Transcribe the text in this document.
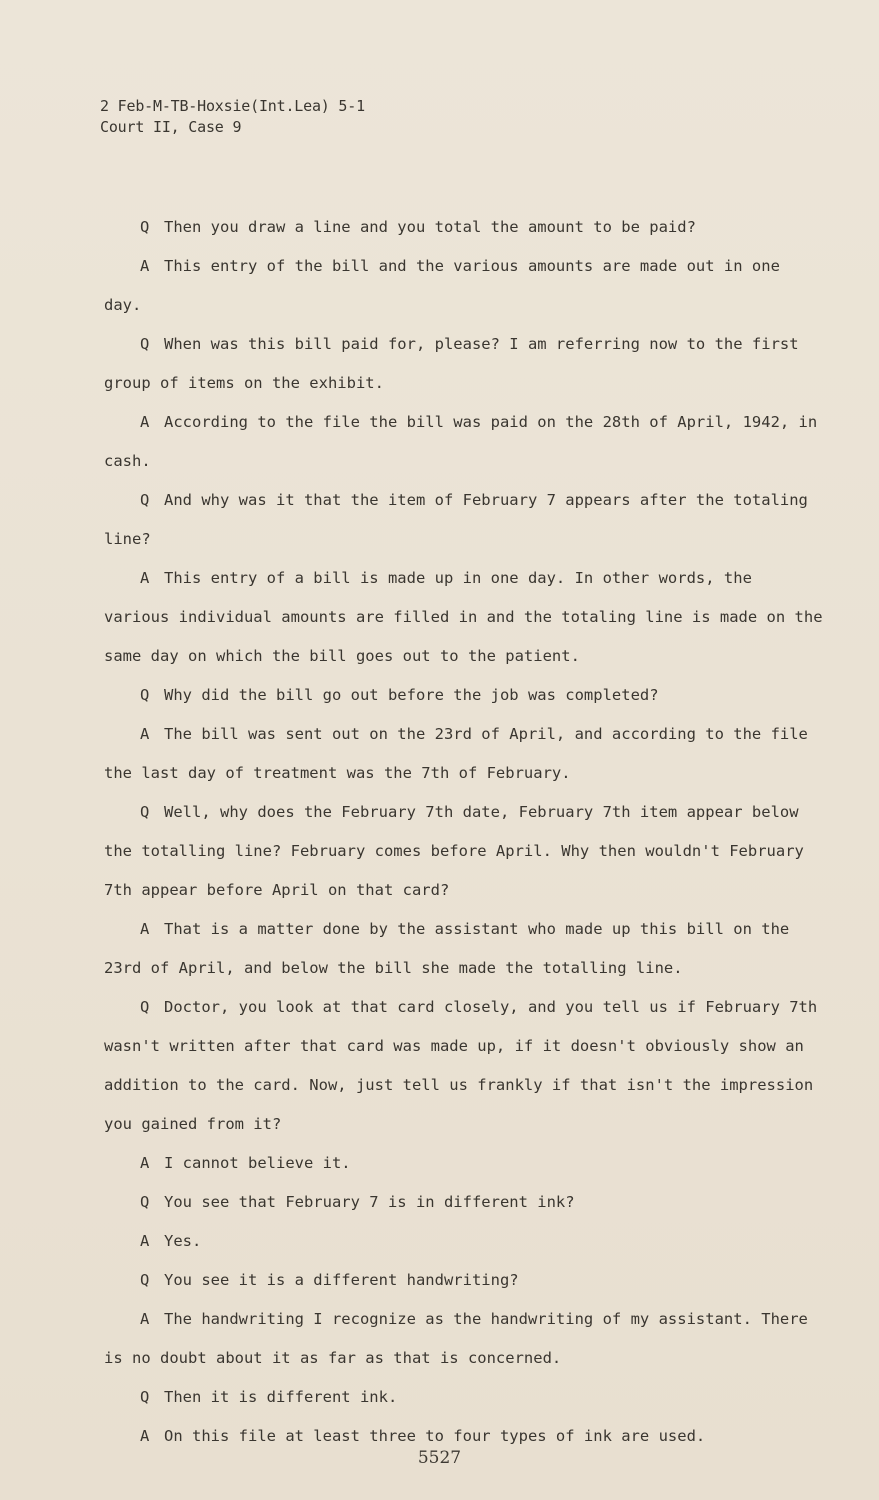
2 Feb-M-TB-Hoxsie(Int.Lea) 5-1
Court II, Case 9

Q Then you draw a line and you total the amount to be paid?

A This entry of the bill and the various amounts are made out in one day.

Q When was this bill paid for, please? I am referring now to the first group of items on the exhibit.

A According to the file the bill was paid on the 28th of April, 1942, in cash.

Q And why was it that the item of February 7 appears after the totaling line?

A This entry of a bill is made up in one day. In other words, the various individual amounts are filled in and the totaling line is made on the same day on which the bill goes out to the patient.

Q Why did the bill go out before the job was completed?

A The bill was sent out on the 23rd of April, and according to the file the last day of treatment was the 7th of February.

Q Well, why does the February 7th date, February 7th item appear below the totalling line? February comes before April. Why then wouldn't February 7th appear before April on that card?

A That is a matter done by the assistant who made up this bill on the 23rd of April, and below the bill she made the totalling line.

Q Doctor, you look at that card closely, and you tell us if February 7th wasn't written after that card was made up, if it doesn't obviously show an addition to the card. Now, just tell us frankly if that isn't the impression you gained from it?

A I cannot believe it.

Q You see that February 7 is in different ink?

A Yes.

Q You see it is a different handwriting?

A The handwriting I recognize as the handwriting of my assistant. There is no doubt about it as far as that is concerned.

Q Then it is different ink.

A On this file at least three to four types of ink are used.

5527
